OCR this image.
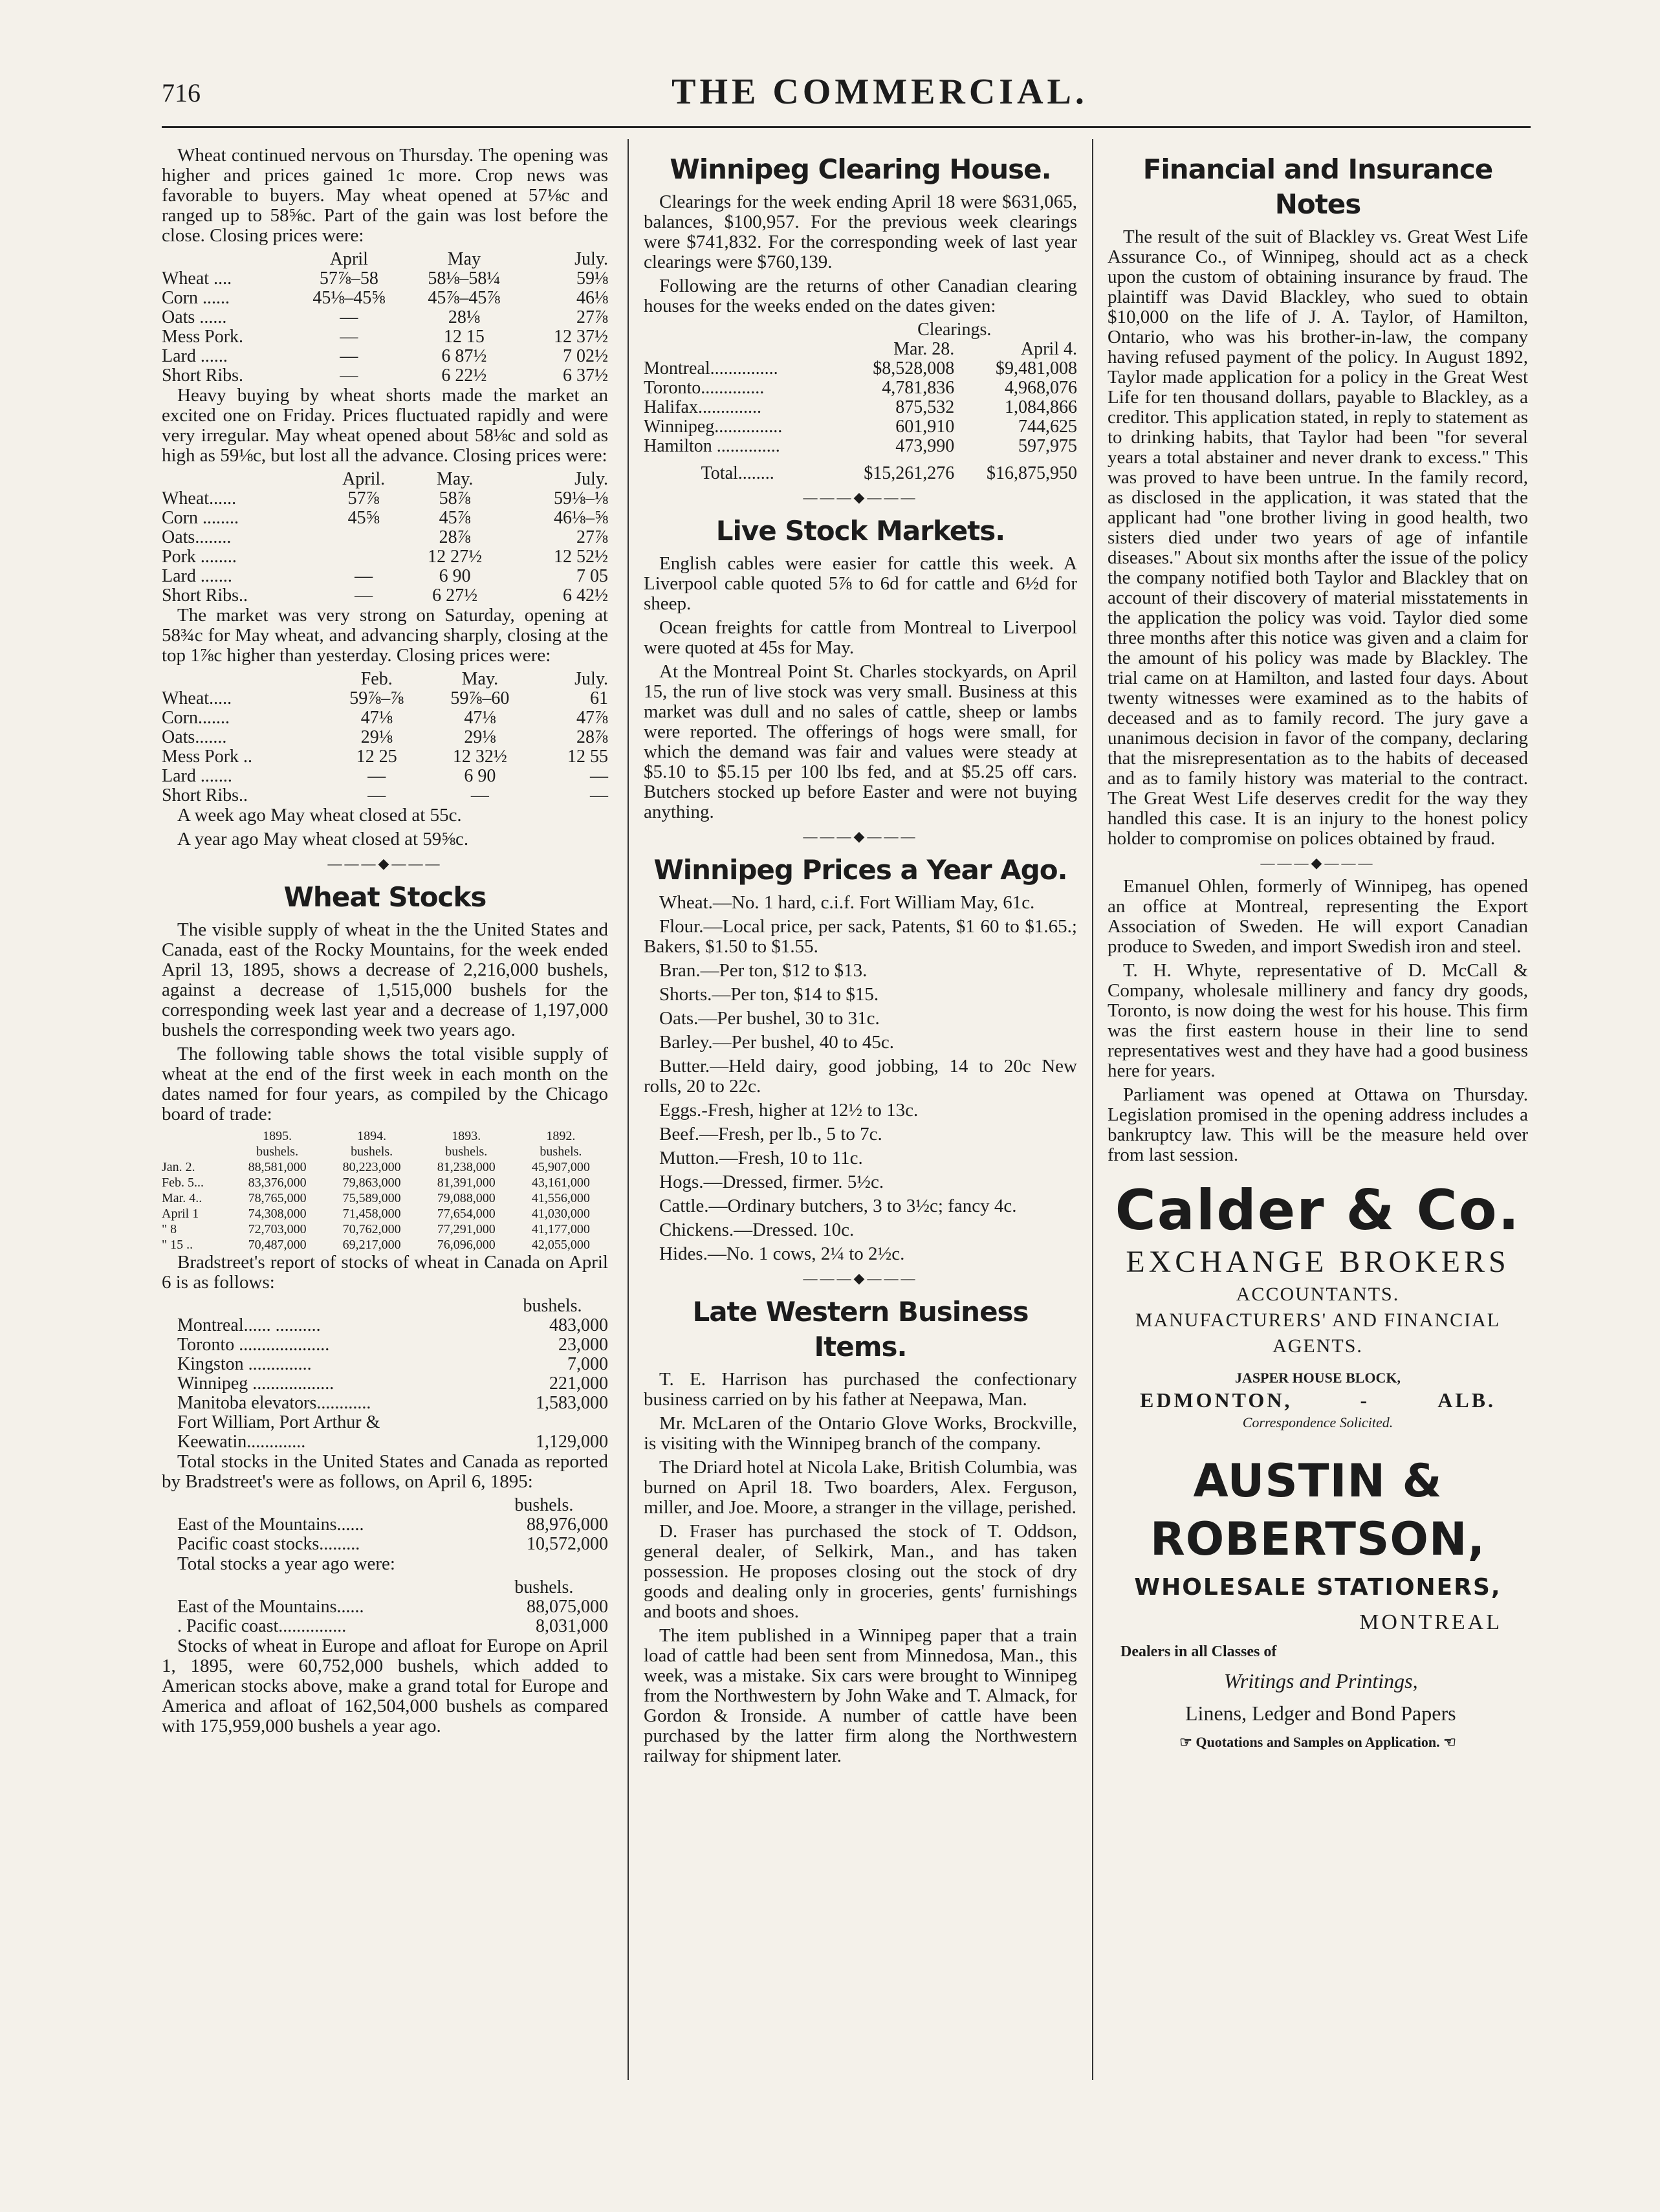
716	THE COMMERCIAL.

Wheat continued nervous on Thursday. The opening was higher and prices gained 1c more. Crop news was favorable to buyers. May wheat opened at 57⅛c and ranged up to 58⅝c. Part of the gain was lost before the close. Closing prices were:

	April	May	July.
Wheat ....	57⅞–58	58⅛–58¼	59⅛
Corn ......	45⅛–45⅝	45⅞–45⅞	46⅛
Oats ......	—	28⅛	27⅞
Mess Pork.	—	12 15	12 37½
Lard ......	—	6 87½	7 02½
Short Ribs.	—	6 22½	6 37½

Heavy buying by wheat shorts made the market an excited one on Friday. Prices fluctuated rapidly and were very irregular. May wheat opened about 58⅛c and sold as high as 59⅛c, but lost all the advance. Closing prices were:

	April.	May.	July.
Wheat......	57⅞	58⅞	59⅛–⅛
Corn ........	45⅝	45⅞	46⅛–⅝
Oats........		28⅞	27⅞
Pork ........		12 27½	12 52½
Lard .......	—	6 90	7 05
Short Ribs..	—	6 27½	6 42½

The market was very strong on Saturday, opening at 58¾c for May wheat, and advancing sharply, closing at the top 1⅞c higher than yesterday. Closing prices were:

	Feb.	May.	July.
Wheat.....	59⅞–⅞	59⅞–60	61
Corn.......	47⅛	47⅛	47⅞
Oats.......	29⅛	29⅛	28⅞
Mess Pork ..	12 25	12 32½	12 55
Lard .......	—	6 90	—
Short Ribs..	—	—	—

A week ago May wheat closed at 55c.

A year ago May wheat closed at 59⅝c.

———◆———
Wheat Stocks

The visible supply of wheat in the the United States and Canada, east of the Rocky Mountains, for the week ended April 13, 1895, shows a decrease of 2,216,000 bushels, against a decrease of 1,515,000 bushels for the corresponding week last year and a decrease of 1,197,000 bushels the corresponding week two years ago.

The following table shows the total visible supply of wheat at the end of the first week in each month on the dates named for four years, as compiled by the Chicago board of trade:

	1895.	1894.	1893.	1892.
	bushels.	bushels.	bushels.	bushels.
Jan. 2.	88,581,000	80,223,000	81,238,000	45,907,000
Feb. 5...	83,376,000	79,863,000	81,391,000	43,161,000
Mar. 4..	78,765,000	75,589,000	79,088,000	41,556,000
April 1	74,308,000	71,458,000	77,654,000	41,030,000
" 8	72,703,000	70,762,000	77,291,000	41,177,000
" 15 ..	70,487,000	69,217,000	76,096,000	42,055,000

Bradstreet's report of stocks of wheat in Canada on April 6 is as follows:

	bushels.
Montreal...... ..........	483,000
Toronto ....................	23,000
Kingston ..............	7,000
Winnipeg ..................	221,000
Manitoba elevators............	1,583,000
Fort William, Port Arthur &	
Keewatin.............	1,129,000

Total stocks in the United States and Canada as reported by Bradstreet's were as follows, on April 6, 1895:

	bushels.
East of the Mountains......	88,976,000
Pacific coast stocks.........	10,572,000

Total stocks a year ago were:

	bushels.
East of the Mountains......	88,075,000
. Pacific coast...............	8,031,000

Stocks of wheat in Europe and afloat for Europe on April 1, 1895, were 60,752,000 bushels, which added to American stocks above, make a grand total for Europe and America and afloat of 162,504,000 bushels as compared with 175,959,000 bushels a year ago.

Winnipeg Clearing House.

Clearings for the week ending April 18 were $631,065, balances, $100,957. For the previous week clearings were $741,832. For the corresponding week of last year clearings were $760,139.

Following are the returns of other Canadian clearing houses for the weeks ended on the dates given:

	Clearings.	
	Mar. 28.	April 4.
Montreal...............	$8,528,008	$9,481,008
Toronto..............	4,781,836	4,968,076
Halifax..............	875,532	1,084,866
Winnipeg...............	601,910	744,625
Hamilton ..............	473,990	597,975
Total........	$15,261,276	$16,875,950
———◆———
Live Stock Markets.

English cables were easier for cattle this week. A Liverpool cable quoted 5⅞ to 6d for cattle and 6½d for sheep.

Ocean freights for cattle from Montreal to Liverpool were quoted at 45s for May.

At the Montreal Point St. Charles stockyards, on April 15, the run of live stock was very small. Business at this market was dull and no sales of cattle, sheep or lambs were reported. The offerings of hogs were small, for which the demand was fair and values were steady at $5.10 to $5.15 per 100 lbs fed, and at $5.25 off cars. Butchers stocked up before Easter and were not buying anything.

———◆———
Winnipeg Prices a Year Ago.

Wheat.—No. 1 hard, c.i.f. Fort William May, 61c.

Flour.—Local price, per sack, Patents, $1 60 to $1.65.; Bakers, $1.50 to $1.55.

Bran.—Per ton, $12 to $13.

Shorts.—Per ton, $14 to $15.

Oats.—Per bushel, 30 to 31c.

Barley.—Per bushel, 40 to 45c.

Butter.—Held dairy, good jobbing, 14 to 20c New rolls, 20 to 22c.

Eggs.-Fresh, higher at 12½ to 13c.

Beef.—Fresh, per lb., 5 to 7c.

Mutton.—Fresh, 10 to 11c.

Hogs.—Dressed, firmer. 5½c.

Cattle.—Ordinary butchers, 3 to 3½c; fancy 4c.

Chickens.—Dressed. 10c.

Hides.—No. 1 cows, 2¼ to 2½c.

———◆———
Late Western Business Items.

T. E. Harrison has purchased the confectionary business carried on by his father at Neepawa, Man.

Mr. McLaren of the Ontario Glove Works, Brockville, is visiting with the Winnipeg branch of the company.

The Driard hotel at Nicola Lake, British Columbia, was burned on April 18. Two boarders, Alex. Ferguson, miller, and Joe. Moore, a stranger in the village, perished.

D. Fraser has purchased the stock of T. Oddson, general dealer, of Selkirk, Man., and has taken possession. He proposes closing out the stock of dry goods and dealing only in groceries, gents' furnishings and boots and shoes.

The item published in a Winnipeg paper that a train load of cattle had been sent from Minnedosa, Man., this week, was a mistake. Six cars were brought to Winnipeg from the Northwestern by John Wake and T. Almack, for Gordon & Ironside. A number of cattle have been purchased by the latter firm along the Northwestern railway for shipment later.

Financial and Insurance Notes

The result of the suit of Blackley vs. Great West Life Assurance Co., of Winnipeg, should act as a check upon the custom of obtaining insurance by fraud. The plaintiff was David Blackley, who sued to obtain $10,000 on the life of J. A. Taylor, of Hamilton, Ontario, who was his brother-in-law, the company having refused payment of the policy. In August 1892, Taylor made application for a policy in the Great West Life for ten thousand dollars, payable to Blackley, as a creditor. This application stated, in reply to statement as to drinking habits, that Taylor had been "for several years a total abstainer and never drank to excess." This was proved to have been untrue. In the family record, as disclosed in the application, it was stated that the applicant had "one brother living in good health, two sisters died under two years of age of infantile diseases." About six months after the issue of the policy the company notified both Taylor and Blackley that on account of their discovery of material misstatements in the application the policy was void. Taylor died some three months after this notice was given and a claim for the amount of his policy was made by Blackley. The trial came on at Hamilton, and lasted four days. About twenty witnesses were examined as to the habits of deceased and as to family record. The jury gave a unanimous decision in favor of the company, declaring that the misrepresentation as to the habits of deceased and as to family history was material to the contract. The Great West Life deserves credit for the way they handled this case. It is an injury to the honest policy holder to compromise on polices obtained by fraud.

———◆———

Emanuel Ohlen, formerly of Winnipeg, has opened an office at Montreal, representing the Export Association of Sweden. He will export Canadian produce to Sweden, and import Swedish iron and steel.

T. H. Whyte, representative of D. McCall & Company, wholesale millinery and fancy dry goods, Toronto, is now doing the west for his house. This firm was the first eastern house in their line to send representatives west and they have had a good business here for years.

Parliament was opened at Ottawa on Thursday. Legislation promised in the opening address includes a bankruptcy law. This will be the measure held over from last session.

Calder & Co.
EXCHANGE BROKERS
ACCOUNTANTS.
MANUFACTURERS' AND FINANCIAL
AGENTS.
JASPER HOUSE BLOCK,
EDMONTON,	-	ALB.
Correspondence Solicited.
AUSTIN & ROBERTSON,
WHOLESALE STATIONERS,
MONTREAL
Dealers in all Classes of
Writings and Printings,
Linens, Ledger and Bond Papers
☞ Quotations and Samples on Application. ☜
